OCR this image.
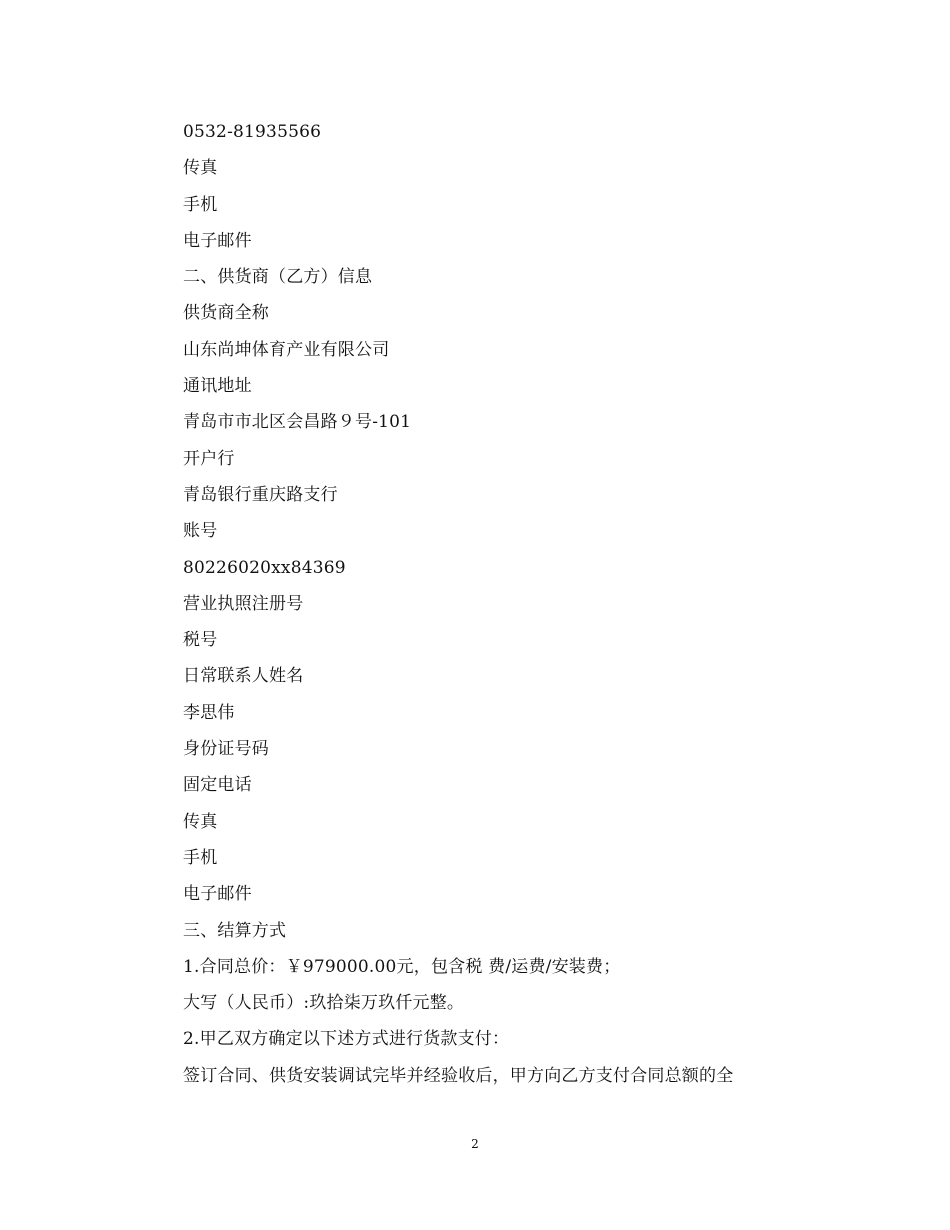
0532-81935566
传真
手机
电子邮件
二、供货商（乙方）信息
供货商全称
山东尚坤体育产业有限公司
通讯地址
青岛市市北区会昌路９号-101
开户行
青岛银行重庆路支行
账号
80226020xx84369
营业执照注册号
税号
日常联系人姓名
李思伟
身份证号码
固定电话
传真
手机
电子邮件
三、结算方式
1.合同总价：￥979000.00元，包含税 费/运费/安装费；
大写（人民币）:玖拾柒万玖仟元整。
2.甲乙双方确定以下述方式进行货款支付：
签订合同、供货安装调试完毕并经验收后，甲方向乙方支付合同总额的全
2
